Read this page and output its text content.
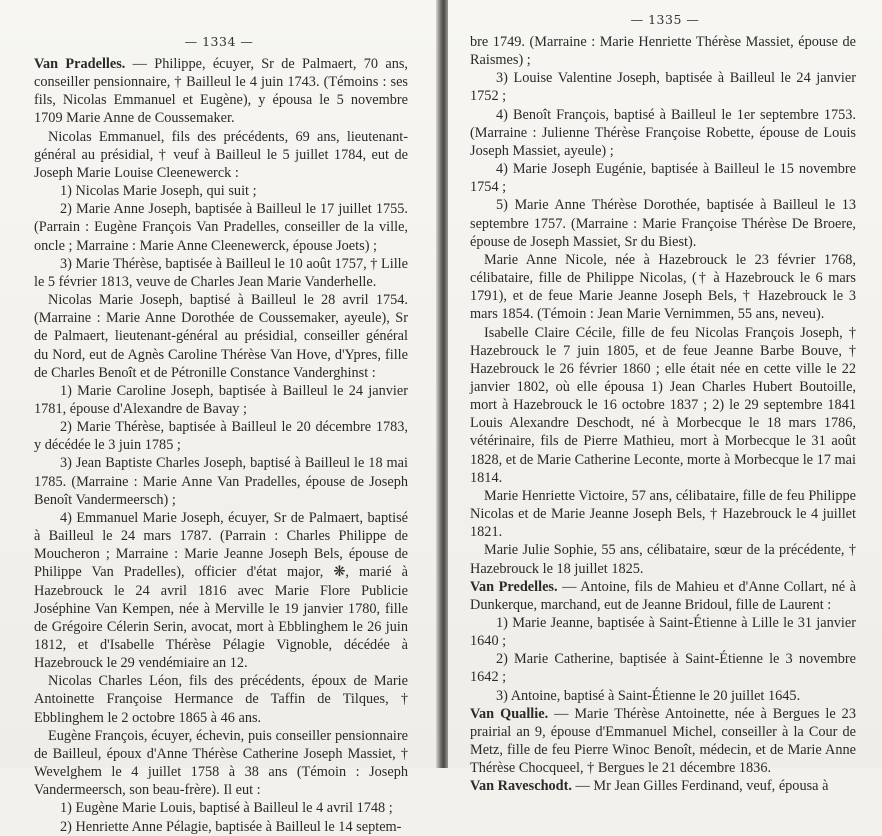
— 1334 —

Van Pradelles. — Philippe, écuyer, Sr de Palmaert, 70 ans, conseiller pensionnaire, † Bailleul le 4 juin 1743. (Témoins : ses fils, Nicolas Emmanuel et Eugène), y épousa le 5 novembre 1709 Marie Anne de Coussemaker.

Nicolas Emmanuel, fils des précédents, 69 ans, lieutenant-général au présidial, † veuf à Bailleul le 5 juillet 1784, eut de Joseph Marie Louise Cleenewerck :

1) Nicolas Marie Joseph, qui suit ;

2) Marie Anne Joseph, baptisée à Bailleul le 17 juillet 1755. (Parrain : Eugène François Van Pradelles, conseiller de la ville, oncle ; Marraine : Marie Anne Cleenewerck, épouse Joets) ;

3) Marie Thérèse, baptisée à Bailleul le 10 août 1757, † Lille le 5 février 1813, veuve de Charles Jean Marie Vanderhelle.

Nicolas Marie Joseph, baptisé à Bailleul le 28 avril 1754. (Marraine : Marie Anne Dorothée de Coussemaker, ayeule), Sr de Palmaert, lieutenant-général au présidial, conseiller général du Nord, eut de Agnès Caroline Thérèse Van Hove, d'Ypres, fille de Charles Benoît et de Pétronille Constance Vanderghinst :

1) Marie Caroline Joseph, baptisée à Bailleul le 24 janvier 1781, épouse d'Alexandre de Bavay ;

2) Marie Thérèse, baptisée à Bailleul le 20 décembre 1783, y décédée le 3 juin 1785 ;

3) Jean Baptiste Charles Joseph, baptisé à Bailleul le 18 mai 1785. (Marraine : Marie Anne Van Pradelles, épouse de Joseph Benoît Vandermeersch) ;

4) Emmanuel Marie Joseph, écuyer, Sr de Palmaert, baptisé à Bailleul le 24 mars 1787. (Parrain : Charles Philippe de Moucheron ; Marraine : Marie Jeanne Joseph Bels, épouse de Philippe Van Pradelles), officier d'état major, ❋, marié à Hazebrouck le 24 avril 1816 avec Marie Flore Publicie Joséphine Van Kempen, née à Merville le 19 janvier 1780, fille de Grégoire Célerin Serin, avocat, mort à Ebblinghem le 26 juin 1812, et d'Isabelle Thérèse Pélagie Vignoble, décédée à Hazebrouck le 29 vendémiaire an 12.

Nicolas Charles Léon, fils des précédents, époux de Marie Antoinette Françoise Hermance de Taffin de Tilques, † Ebblinghem le 2 octobre 1865 à 46 ans.

Eugène François, écuyer, échevin, puis conseiller pensionnaire de Bailleul, époux d'Anne Thérèse Catherine Joseph Massiet, † Wevelghem le 4 juillet 1758 à 38 ans (Témoin : Joseph Vandermeersch, son beau-frère). Il eut :

1) Eugène Marie Louis, baptisé à Bailleul le 4 avril 1748 ;

2) Henriette Anne Pélagie, baptisée à Bailleul le 14 septem-

— 1335 —

bre 1749. (Marraine : Marie Henriette Thérèse Massiet, épouse de Raismes) ;

3) Louise Valentine Joseph, baptisée à Bailleul le 24 janvier 1752 ;

4) Benoît François, baptisé à Bailleul le 1er septembre 1753. (Marraine : Julienne Thérèse Françoise Robette, épouse de Louis Joseph Massiet, ayeule) ;

4) Marie Joseph Eugénie, baptisée à Bailleul le 15 novembre 1754 ;

5) Marie Anne Thérèse Dorothée, baptisée à Bailleul le 13 septembre 1757. (Marraine : Marie Françoise Thérèse De Broere, épouse de Joseph Massiet, Sr du Biest).

Marie Anne Nicole, née à Hazebrouck le 23 février 1768, célibataire, fille de Philippe Nicolas, († à Hazebrouck le 6 mars 1791), et de feue Marie Jeanne Joseph Bels, † Hazebrouck le 3 mars 1854. (Témoin : Jean Marie Vernimmen, 55 ans, neveu).

Isabelle Claire Cécile, fille de feu Nicolas François Joseph, † Hazebrouck le 7 juin 1805, et de feue Jeanne Barbe Bouve, † Hazebrouck le 26 février 1860 ; elle était née en cette ville le 22 janvier 1802, où elle épousa 1) Jean Charles Hubert Boutoille, mort à Hazebrouck le 16 octobre 1837 ; 2) le 29 septembre 1841 Louis Alexandre Deschodt, né à Morbecque le 18 mars 1786, vétérinaire, fils de Pierre Mathieu, mort à Morbecque le 31 août 1828, et de Marie Catherine Leconte, morte à Morbecque le 17 mai 1814.

Marie Henriette Victoire, 57 ans, célibataire, fille de feu Philippe Nicolas et de Marie Jeanne Joseph Bels, † Hazebrouck le 4 juillet 1821.

Marie Julie Sophie, 55 ans, célibataire, sœur de la précédente, † Hazebrouck le 18 juillet 1825.

Van Predelles. — Antoine, fils de Mahieu et d'Anne Collart, né à Dunkerque, marchand, eut de Jeanne Bridoul, fille de Laurent :

1) Marie Jeanne, baptisée à Saint-Étienne à Lille le 31 janvier 1640 ;

2) Marie Catherine, baptisée à Saint-Étienne le 3 novembre 1642 ;

3) Antoine, baptisé à Saint-Étienne le 20 juillet 1645.

Van Quallie. — Marie Thérèse Antoinette, née à Bergues le 23 prairial an 9, épouse d'Emmanuel Michel, conseiller à la Cour de Metz, fille de feu Pierre Winoc Benoît, médecin, et de Marie Anne Thérèse Chocqueel, † Bergues le 21 décembre 1836.

Van Raveschodt. — Mr Jean Gilles Ferdinand, veuf, épousa à
